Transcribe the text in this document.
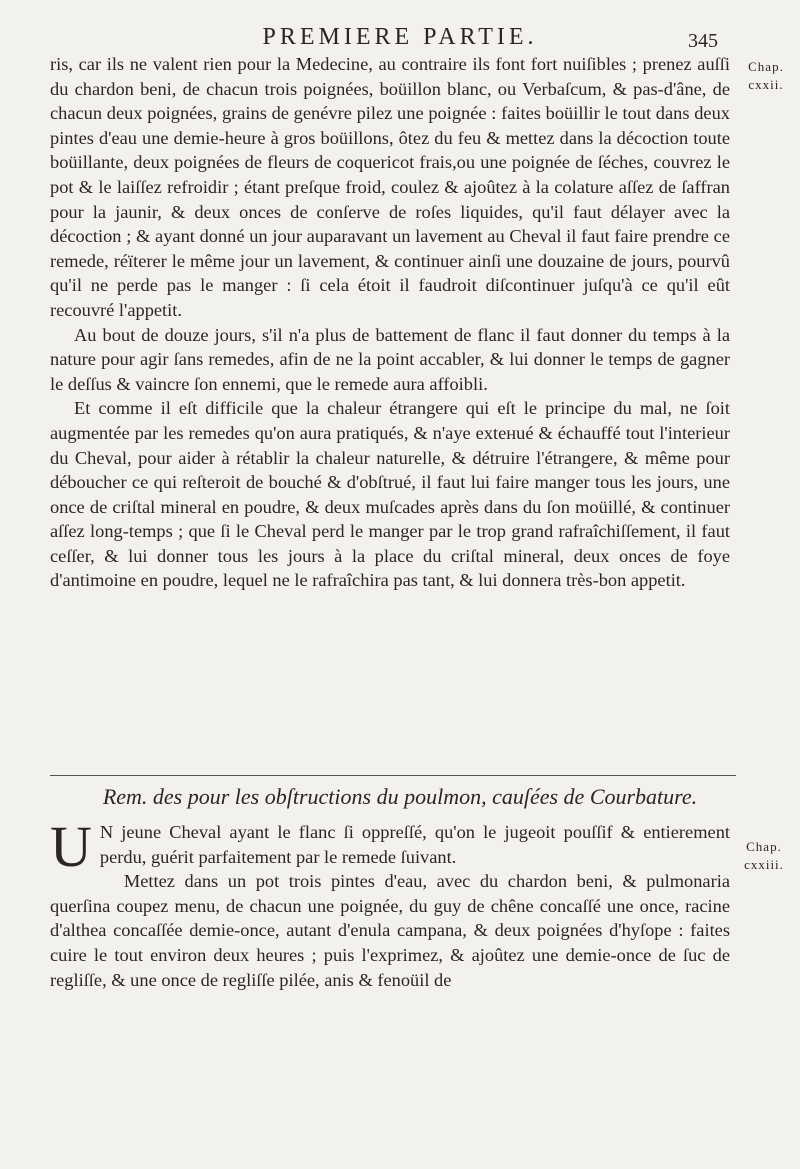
PREMIERE PARTIE.	345
Chap. cxxii.
Chap. cxxiii.

ris, car ils ne valent rien pour la Medecine, au contraire ils font fort nuiſibles ; prenez auſſi du chardon beni, de chacun trois poignées, boüillon blanc, ou Verbaſcum, & pas-d'âne, de chacun deux poignées, grains de genévre pilez une poignée : faites boüillir le tout dans deux pintes d'eau une demie-heure à gros boüillons, ôtez du feu & mettez dans la décoction toute boüillante, deux poignées de fleurs de coquericot frais,ou une poignée de ſéches, couvrez le pot & le laiſſez refroidir ; étant preſque froid, coulez & ajoûtez à la colature aſſez de ſaffran pour la jaunir, & deux onces de conſerve de roſes liquides, qu'il faut délayer avec la décoction ; & ayant donné un jour auparavant un lavement au Cheval il faut faire prendre ce remede, réïterer le même jour un lavement, & continuer ainſi une douzaine de jours, pourvû qu'il ne perde pas le manger : ſi cela étoit il faudroit diſcontinuer juſqu'à ce qu'il eût recouvré l'appetit.

Au bout de douze jours, s'il n'a plus de battement de flanc il faut donner du temps à la nature pour agir ſans remedes, afin de ne la point accabler, & lui donner le temps de gagner le deſſus & vaincre ſon ennemi, que le remede aura affoibli.

Et comme il eſt difficile que la chaleur étrangere qui eſt le principe du mal, ne ſoit augmentée par les remedes qu'on aura pratiqués, & n'aye exteнué & échauffé tout l'interieur du Cheval, pour aider à rétablir la chaleur naturelle, & détruire l'étrangere, & même pour déboucher ce qui reſteroit de bouché & d'obſtrué, il faut lui faire manger tous les jours, une once de criſtal mineral en poudre, & deux muſcades après dans du ſon moüillé, & continuer aſſez long-temps ; que ſi le Cheval perd le manger par le trop grand rafraîchiſſement, il faut ceſſer, & lui donner tous les jours à la place du criſtal mineral, deux onces de foye d'antimoine en poudre, lequel ne le rafraîchira pas tant, & lui donnera très-bon appetit.

Rem. des pour les obſtructions du poulmon, cauſées de Courbature.

U N jeune Cheval ayant le flanc ſi oppreſſé, qu'on le jugeoit pouſſif & entierement perdu, guérit parfaitement par le remede ſuivant.

Mettez dans un pot trois pintes d'eau, avec du chardon beni, & pulmonaria querſina coupez menu, de chacun une poignée, du guy de chêne concaſſé une once, racine d'althea concaſſée demie-once, autant d'enula campana, & deux poignées d'hyſope : faites cuire le tout environ deux heures ; puis l'exprimez, & ajoûtez une demie-once de ſuc de regliſſe, & une once de regliſſe pilée, anis & fenoüil de
